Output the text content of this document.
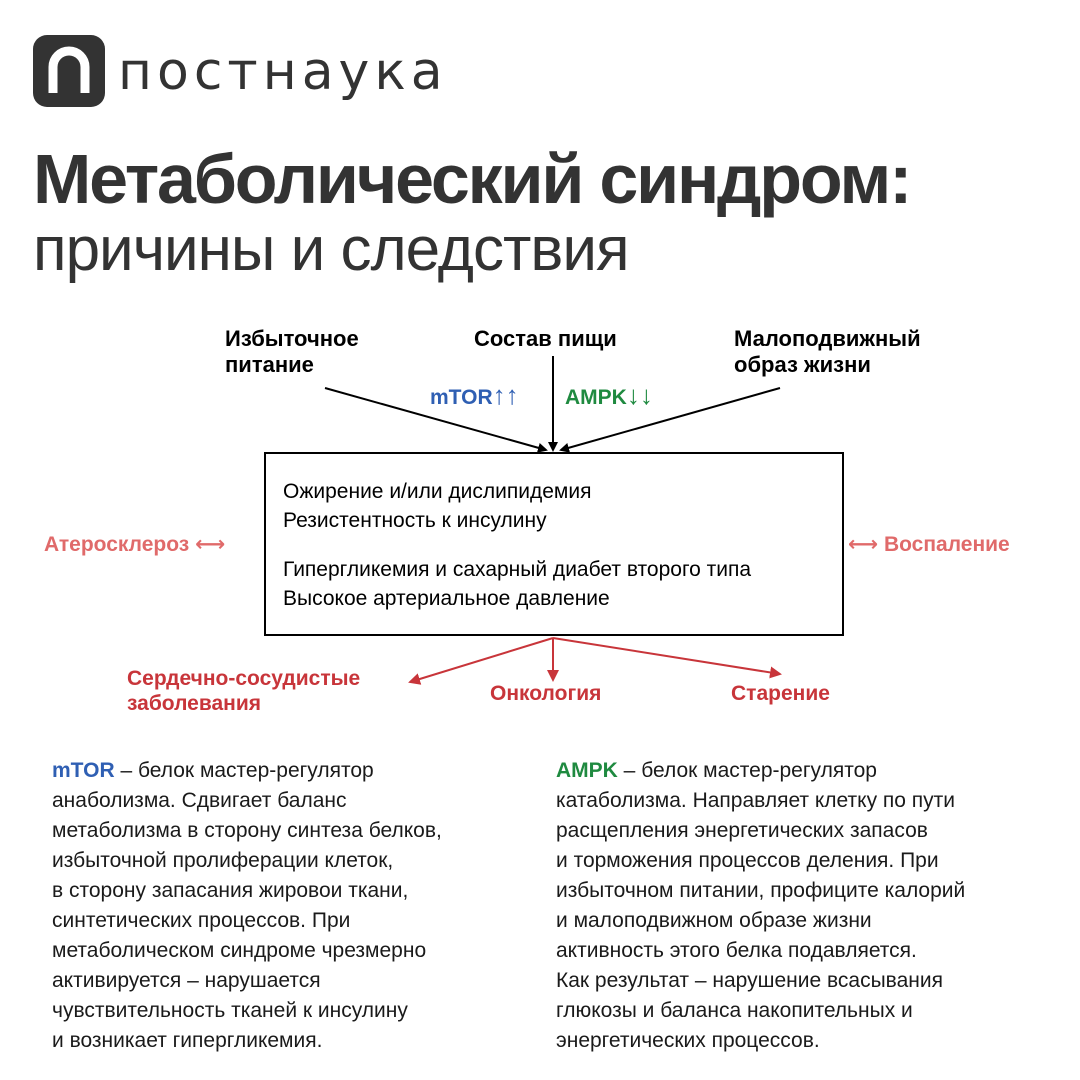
постнаука
Метаболический синдром:
причины и следствия
Избыточное
питание
Состав пищи	Малоподвижный
образ жизни
mTOR↑↑ AMPK↓↓
Ожирение и/или дислипидемия
Резистентность к инсулину
Гипергликемия и сахарный диабет второго типа
Высокое артериальное давление
Атеросклероз ⟷	⟷ Воспаление
Сердечно-сосудистые
заболевания	Онкология	Старение
mTOR – белок мастер-регулятор
анаболизма. Сдвигает баланс
метаболизма в сторону синтеза белков,
избыточной пролиферации клеток,
в сторону запасания жировои ткани,
синтетических процессов. При
метаболическом синдроме чрезмерно
активируется – нарушается
чувствительность тканей к инсулину
и возникает гипергликемия.
AMPK – белок мастер-регулятор
катаболизма. Направляет клетку по пути
расщепления энергетических запасов
и торможения процессов деления. При
избыточном питании, профиците калорий
и малоподвижном образе жизни
активность этого белка подавляется.
Как результат – нарушение всасывания
глюкозы и баланса накопительных и
энергетических процессов.
